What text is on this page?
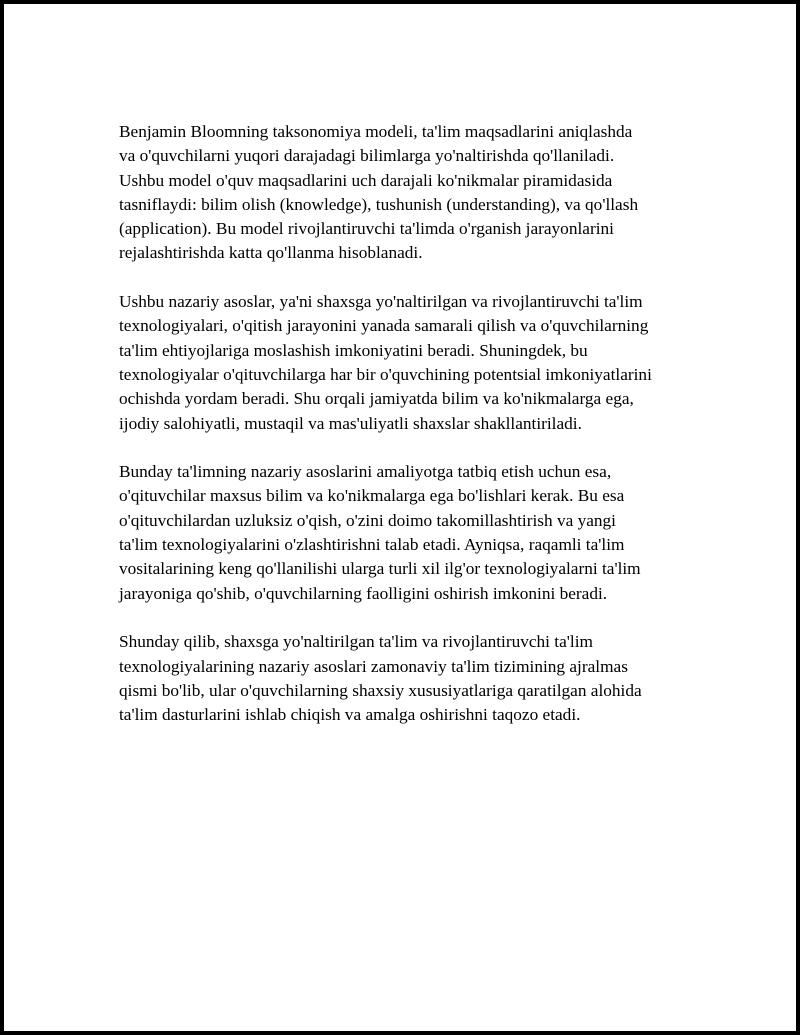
Benjamin Bloomning taksonomiya modeli, ta'lim maqsadlarini aniqlashda
va o'quvchilarni yuqori darajadagi bilimlarga yo'naltirishda qo'llaniladi.
Ushbu model o'quv maqsadlarini uch darajali ko'nikmalar piramidasida
tasniflaydi: bilim olish (knowledge), tushunish (understanding), va qo'llash
(application). Bu model rivojlantiruvchi ta'limda o'rganish jarayonlarini
rejalashtirishda katta qo'llanma hisoblanadi.
Ushbu nazariy asoslar, ya'ni shaxsga yo'naltirilgan va rivojlantiruvchi ta'lim
texnologiyalari, o'qitish jarayonini yanada samarali qilish va o'quvchilarning
ta'lim ehtiyojlariga moslashish imkoniyatini beradi. Shuningdek, bu
texnologiyalar o'qituvchilarga har bir o'quvchining potentsial imkoniyatlarini
ochishda yordam beradi. Shu orqali jamiyatda bilim va ko'nikmalarga ega,
ijodiy salohiyatli, mustaqil va mas'uliyatli shaxslar shakllantiriladi.
Bunday ta'limning nazariy asoslarini amaliyotga tatbiq etish uchun esa,
o'qituvchilar maxsus bilim va ko'nikmalarga ega bo'lishlari kerak. Bu esa
o'qituvchilardan uzluksiz o'qish, o'zini doimo takomillashtirish va yangi
ta'lim texnologiyalarini o'zlashtirishni talab etadi. Ayniqsa, raqamli ta'lim
vositalarining keng qo'llanilishi ularga turli xil ilg'or texnologiyalarni ta'lim
jarayoniga qo'shib, o'quvchilarning faolligini oshirish imkonini beradi.
Shunday qilib, shaxsga yo'naltirilgan ta'lim va rivojlantiruvchi ta'lim
texnologiyalarining nazariy asoslari zamonaviy ta'lim tizimining ajralmas
qismi bo'lib, ular o'quvchilarning shaxsiy xususiyatlariga qaratilgan alohida
ta'lim dasturlarini ishlab chiqish va amalga oshirishni taqozo etadi.
